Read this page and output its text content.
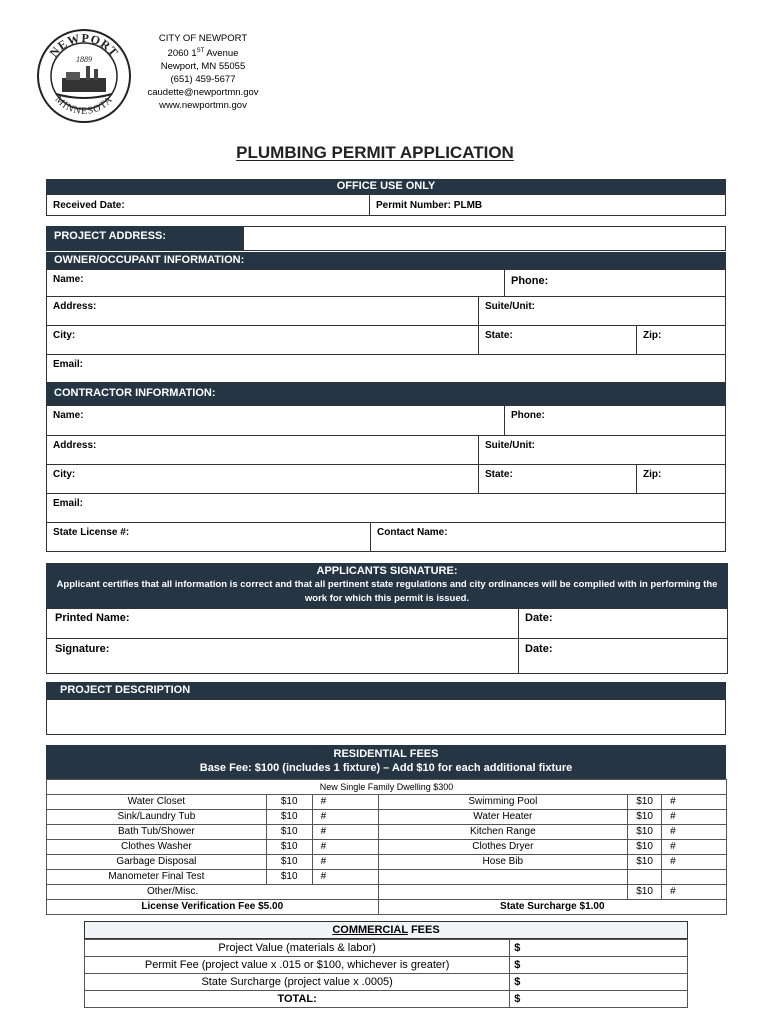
NEWPORT
MINNESOTA
1889
CITY OF NEWPORT
2060 1ST Avenue
Newport, MN 55055
(651) 459-5677
caudette@newportmn.gov
www.newportmn.gov
PLUMBING PERMIT APPLICATION
OFFICE USE ONLY
Received Date:	Permit Number: PLMB
PROJECT ADDRESS:
OWNER/OCCUPANT INFORMATION:
Name:	Phone:
Address:	Suite/Unit:
City:	State:	Zip:
Email:
CONTRACTOR INFORMATION:
Name:	Phone:
Address:	Suite/Unit:
City:	State:	Zip:
Email:
State License #:	Contact Name:
APPLICANTS SIGNATURE:
Applicant certifies that all information is correct and that all pertinent state regulations and city ordinances will be complied with in performing the work for which this permit is issued.
Printed Name:	Date:
Signature:	Date:
PROJECT DESCRIPTION
RESIDENTIAL FEES
Base Fee: $100 (includes 1 fixture) – Add $10 for each additional fixture
New Single Family Dwelling $300					
Water Closet	$10	#	Swimming Pool	$10	#
Sink/Laundry Tub	$10	#	Water Heater	$10	#
Bath Tub/Shower	$10	#	Kitchen Range	$10	#
Clothes Washer	$10	#	Clothes Dryer	$10	#
Garbage Disposal	$10	#	Hose Bib	$10	#
Manometer Final Test	$10	#			
Other/Misc.				$10	#
License Verification Fee $5.00			State Surcharge $1.00		
COMMERCIAL FEES
Project Value (materials & labor)	$
Permit Fee (project value x .015 or $100, whichever is greater)	$
State Surcharge (project value x .0005)	$
TOTAL:	$
